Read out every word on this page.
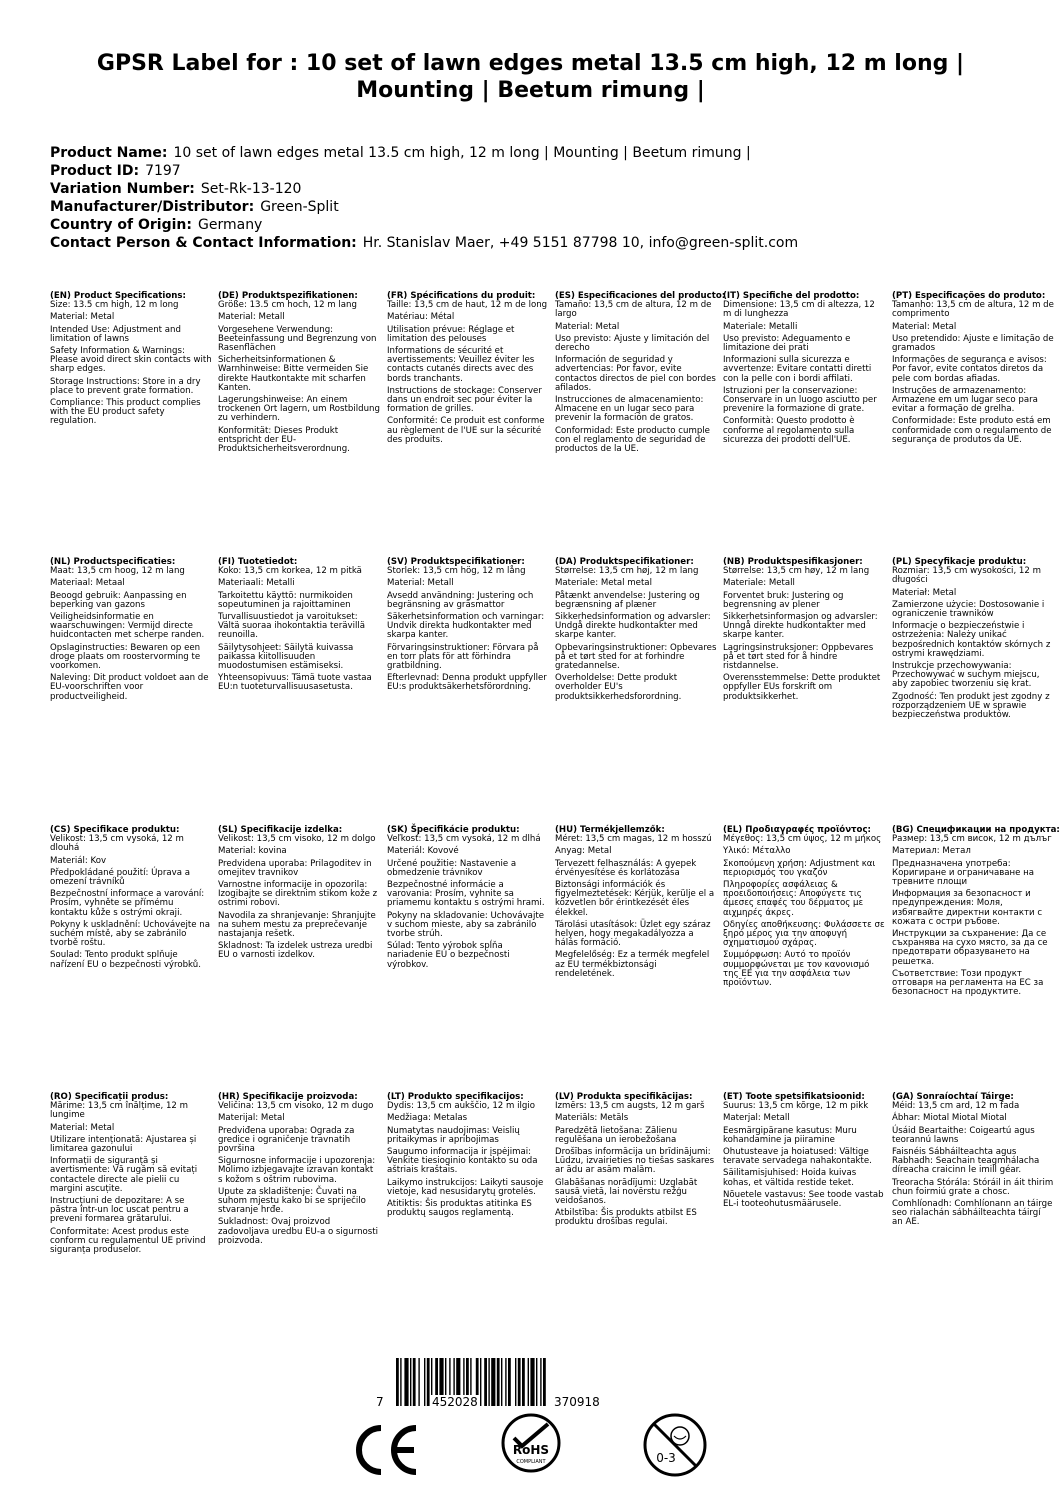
GPSR Label for : 10 set of lawn edges metal 13.5 cm high, 12 m long | Mounting | Beetum rimung |
Product Name: 10 set of lawn edges metal 13.5 cm high, 12 m long | Mounting | Beetum rimung |
Product ID: 7197
Variation Number: Set-Rk-13-120
Manufacturer/Distributor: Green-Split
Country of Origin: Germany
Contact Person & Contact Information: Hr. Stanislav Maer, +49 5151 87798 10, info@green-split.com
(EN) Product Specifications:

Size: 13.5 cm high, 12 m long

Material: Metal

Intended Use: Adjustment and limitation of lawns

Safety Information & Warnings: Please avoid direct skin contacts with sharp edges.

Storage Instructions: Store in a dry place to prevent grate formation.

Compliance: This product complies with the EU product safety regulation.

(DE) Produktspezifikationen:

Größe: 13.5 cm hoch, 12 m lang

Material: Metall

Vorgesehene Verwendung: Beeteinfassung und Begrenzung von Rasenflächen

Sicherheitsinformationen & Warnhinweise: Bitte vermeiden Sie direkte Hautkontakte mit scharfen Kanten.

Lagerungshinweise: An einem trockenen Ort lagern, um Rostbildung zu verhindern.

Konformität: Dieses Produkt entspricht der EU-Produktsicherheitsverordnung.

(FR) Spécifications du produit:

Taille: 13,5 cm de haut, 12 m de long

Matériau: Métal

Utilisation prévue: Réglage et limitation des pelouses

Informations de sécurité et avertissements: Veuillez éviter les contacts cutanés directs avec des bords tranchants.

Instructions de stockage: Conserver dans un endroit sec pour éviter la formation de grilles.

Conformité: Ce produit est conforme au règlement de l'UE sur la sécurité des produits.

(ES) Especificaciones del producto:

Tamaño: 13,5 cm de altura, 12 m de largo

Material: Metal

Uso previsto: Ajuste y limitación del derecho

Información de seguridad y advertencias: Por favor, evite contactos directos de piel con bordes afilados.

Instrucciones de almacenamiento: Almacene en un lugar seco para prevenir la formación de gratos.

Conformidad: Este producto cumple con el reglamento de seguridad de productos de la UE.

(IT) Specifiche del prodotto:

Dimensione: 13,5 cm di altezza, 12 m di lunghezza

Materiale: Metalli

Uso previsto: Adeguamento e limitazione dei prati

Informazioni sulla sicurezza e avvertenze: Evitare contatti diretti con la pelle con i bordi affilati.

Istruzioni per la conservazione: Conservare in un luogo asciutto per prevenire la formazione di grate.

Conformità: Questo prodotto è conforme al regolamento sulla sicurezza dei prodotti dell'UE.

(PT) Especificações do produto:

Tamanho: 13,5 cm de altura, 12 m de comprimento

Material: Metal

Uso pretendido: Ajuste e limitação de gramados

Informações de segurança e avisos: Por favor, evite contatos diretos da pele com bordas afiadas.

Instruções de armazenamento: Armazene em um lugar seco para evitar a formação de grelha.

Conformidade: Este produto está em conformidade com o regulamento de segurança de produtos da UE.

(NL) Productspecificaties:

Maat: 13,5 cm hoog, 12 m lang

Materiaal: Metaal

Beoogd gebruik: Aanpassing en beperking van gazons

Veiligheidsinformatie en waarschuwingen: Vermijd directe huidcontacten met scherpe randen.

Opslaginstructies: Bewaren op een droge plaats om roostervorming te voorkomen.

Naleving: Dit product voldoet aan de EU-voorschriften voor productveiligheid.

(FI) Tuotetiedot:

Koko: 13,5 cm korkea, 12 m pitkä

Materiaali: Metalli

Tarkoitettu käyttö: nurmikoiden sopeutuminen ja rajoittaminen

Turvallisuustiedot ja varoitukset: Vältä suoraa ihokontaktia terävillä reunoilla.

Säilytysohjeet: Säilytä kuivassa paikassa kiitollisuuden muodostumisen estämiseksi.

Yhteensopivuus: Tämä tuote vastaa EU:n tuoteturvallisuusasetusta.

(SV) Produktspecifikationer:

Storlek: 13,5 cm hög, 12 m lång

Material: Metall

Avsedd användning: Justering och begränsning av gräsmattor

Säkerhetsinformation och varningar: Undvik direkta hudkontakter med skarpa kanter.

Förvaringsinstruktioner: Förvara på en torr plats för att förhindra gratbildning.

Efterlevnad: Denna produkt uppfyller EU:s produktsäkerhetsförordning.

(DA) Produktspecifikationer:

Størrelse: 13,5 cm høj, 12 m lang

Materiale: Metal metal

Påtænkt anvendelse: Justering og begrænsning af plæner

Sikkerhedsinformation og advarsler: Undgå direkte hudkontakter med skarpe kanter.

Opbevaringsinstruktioner: Opbevares på et tørt sted for at forhindre gratedannelse.

Overholdelse: Dette produkt overholder EU's produktsikkerhedsforordning.

(NB) Produktspesifikasjoner:

Størrelse: 13,5 cm høy, 12 m lang

Materiale: Metall

Forventet bruk: Justering og begrensning av plener

Sikkerhetsinformasjon og advarsler: Unngå direkte hudkontakter med skarpe kanter.

Lagringsinstruksjoner: Oppbevares på et tørt sted for å hindre ristdannelse.

Overensstemmelse: Dette produktet oppfyller EUs forskrift om produktsikkerhet.

(PL) Specyfikacje produktu:

Rozmiar: 13,5 cm wysokości, 12 m długości

Materiał: Metal

Zamierzone użycie: Dostosowanie i ograniczenie trawników

Informacje o bezpieczeństwie i ostrzeżenia: Należy unikać bezpośrednich kontaktów skórnych z ostrymi krawędziami.

Instrukcje przechowywania: Przechowywać w suchym miejscu, aby zapobiec tworzeniu się krat.

Zgodność: Ten produkt jest zgodny z rozporządzeniem UE w sprawie bezpieczeństwa produktów.

(CS) Specifikace produktu:

Velikost: 13,5 cm vysoká, 12 m dlouhá

Materiál: Kov

Předpokládané použití: Úprava a omezení trávníků

Bezpečnostní informace a varování: Prosím, vyhněte se přímému kontaktu kůže s ostrými okraji.

Pokyny k uskladnění: Uchovávejte na suchém místě, aby se zabránilo tvorbě roštu.

Soulad: Tento produkt splňuje nařízení EU o bezpečnosti výrobků.

(SL) Specifikacije izdelka:

Velikost: 13,5 cm visoko, 12 m dolgo

Material: kovina

Predvidena uporaba: Prilagoditev in omejitev travnikov

Varnostne informacije in opozorila: Izogibajte se direktnim stikom kože z ostrimi robovi.

Navodila za shranjevanje: Shranjujte na suhem mestu za preprečevanje nastajanja rešetk.

Skladnost: Ta izdelek ustreza uredbi EU o varnosti izdelkov.

(SK) Špecifikácie produktu:

Veľkosť: 13,5 cm vysoká, 12 m dlhá

Materiál: Kovové

Určené použitie: Nastavenie a obmedzenie trávnikov

Bezpečnostné informácie a varovania: Prosím, vyhnite sa priamemu kontaktu s ostrými hrami.

Pokyny na skladovanie: Uchovávajte v suchom mieste, aby sa zabránilo tvorbe strúh.

Súlad: Tento výrobok spĺňa nariadenie EÚ o bezpečnosti výrobkov.

(HU) Termékjellemzők:

Méret: 13,5 cm magas, 12 m hosszú

Anyag: Metal

Tervezett felhasználás: A gyepek érvényesítése és korlátozása

Biztonsági információk és figyelmeztetések: Kérjük, kerülje el a közvetlen bőr érintkezését éles élekkel.

Tárolási utasítások: Üzlet egy száraz helyen, hogy megakadályozza a hálás formáció.

Megfelelőség: Ez a termék megfelel az EU termékbiztonsági rendeletének.

(EL) Προδιαγραφές προϊόντος:

Μέγεθος: 13,5 cm ύψος, 12 m μήκος

Υλικό: Μέταλλο

Σκοπούμενη χρήση: Adjustment και περιορισμός του γκαζόν

Πληροφορίες ασφάλειας & προειδοποιήσεις: Αποφύγετε τις άμεσες επαφές του δέρματος με αιχμηρές άκρες.

Οδηγίες αποθήκευσης: Φυλάσσετε σε ξηρό μέρος για την αποφυγή σχηματισμού σχάρας.

Συμμόρφωση: Αυτό το προϊόν συμμορφώνεται με τον κανονισμό της ΕΕ για την ασφάλεια των προϊόντων.

(BG) Спецификации на продукта:

Размер: 13,5 cm висок, 12 m дълъг

Материал: Метал

Предназначена употреба: Коригиране и ограничаване на тревните площи

Информация за безопасност и предупреждения: Моля, избягвайте директни контакти с кожата с остри ръбове.

Инструкции за съхранение: Да се съхранява на сухо място, за да се предотврати образуването на решетка.

Съответствие: Този продукт отговаря на регламента на ЕС за безопасност на продуктите.

(RO) Specificații produs:

Mărime: 13,5 cm înălțime, 12 m lungime

Material: Metal

Utilizare intenționată: Ajustarea și limitarea gazonului

Informații de siguranță și avertismente: Vă rugăm să evitați contactele directe ale pielii cu margini ascuțite.

Instrucțiuni de depozitare: A se păstra într-un loc uscat pentru a preveni formarea grătarului.

Conformitate: Acest produs este conform cu regulamentul UE privind siguranța produselor.

(HR) Specifikacije proizvoda:

Veličina: 13,5 cm visoko, 12 m dugo

Materijal: Metal

Predviđena uporaba: Ograda za gredice i ograničenje travnatih površina

Sigurnosne informacije i upozorenja: Molimo izbjegavajte izravan kontakt s kožom s oštrim rubovima.

Upute za skladištenje: Čuvati na suhom mjestu kako bi se spriječilo stvaranje hrđe.

Sukladnost: Ovaj proizvod zadovoljava uredbu EU-a o sigurnosti proizvoda.

(LT) Produkto specifikacijos:

Dydis: 13,5 cm aukščio, 12 m ilgio

Medžiaga: Metalas

Numatytas naudojimas: Veislių pritaikymas ir apribojimas

Saugumo informacija ir įspėjimai: Venkite tiesioginio kontakto su oda aštriais kraštais.

Laikymo instrukcijos: Laikyti sausoje vietoje, kad nesusidarytų grotelės.

Atitiktis: Šis produktas atitinka ES produktų saugos reglamentą.

(LV) Produkta specifikācijas:

Izmērs: 13,5 cm augsts, 12 m garš

Materiāls: Metāls

Paredzētā lietošana: Zālienu regulēšana un ierobežošana

Drošības informācija un brīdinājumi: Lūdzu, izvairieties no tiešas saskares ar ādu ar asām malām.

Glabāšanas norādījumi: Uzglabāt sausā vietā, lai novērstu režģu veidošanos.

Atbilstība: Šis produkts atbilst ES produktu drošības regulai.

(ET) Toote spetsifikatsioonid:

Suurus: 13,5 cm kõrge, 12 m pikk

Materjal: Metall

Eesmärgipärane kasutus: Muru kohandamine ja piiramine

Ohutusteave ja hoiatused: Vältige teravate servadega nahakontakte.

Säilitamisjuhised: Hoida kuivas kohas, et vältida restide teket.

Nõuetele vastavus: See toode vastab EL-i tooteohutusmäärusele.

(GA) Sonraíochtaí Táirge:

Méid: 13,5 cm ard, 12 m fada

Ábhar: Miotal Miotal Miotal

Úsáid Beartaithe: Coigeartú agus teorannú lawns

Faisnéis Sábháilteachta agus Rabhadh: Seachain teagmhálacha díreacha craicinn le imill géar.

Treoracha Stórála: Stóráil in áit thirim chun foirmiú grate a chosc.

Comhlíonadh: Comhlíonann an táirge seo rialachán sábháilteachta táirgí an AE.

7	452028	370918
RoHS
COMPLIANT	0-3
